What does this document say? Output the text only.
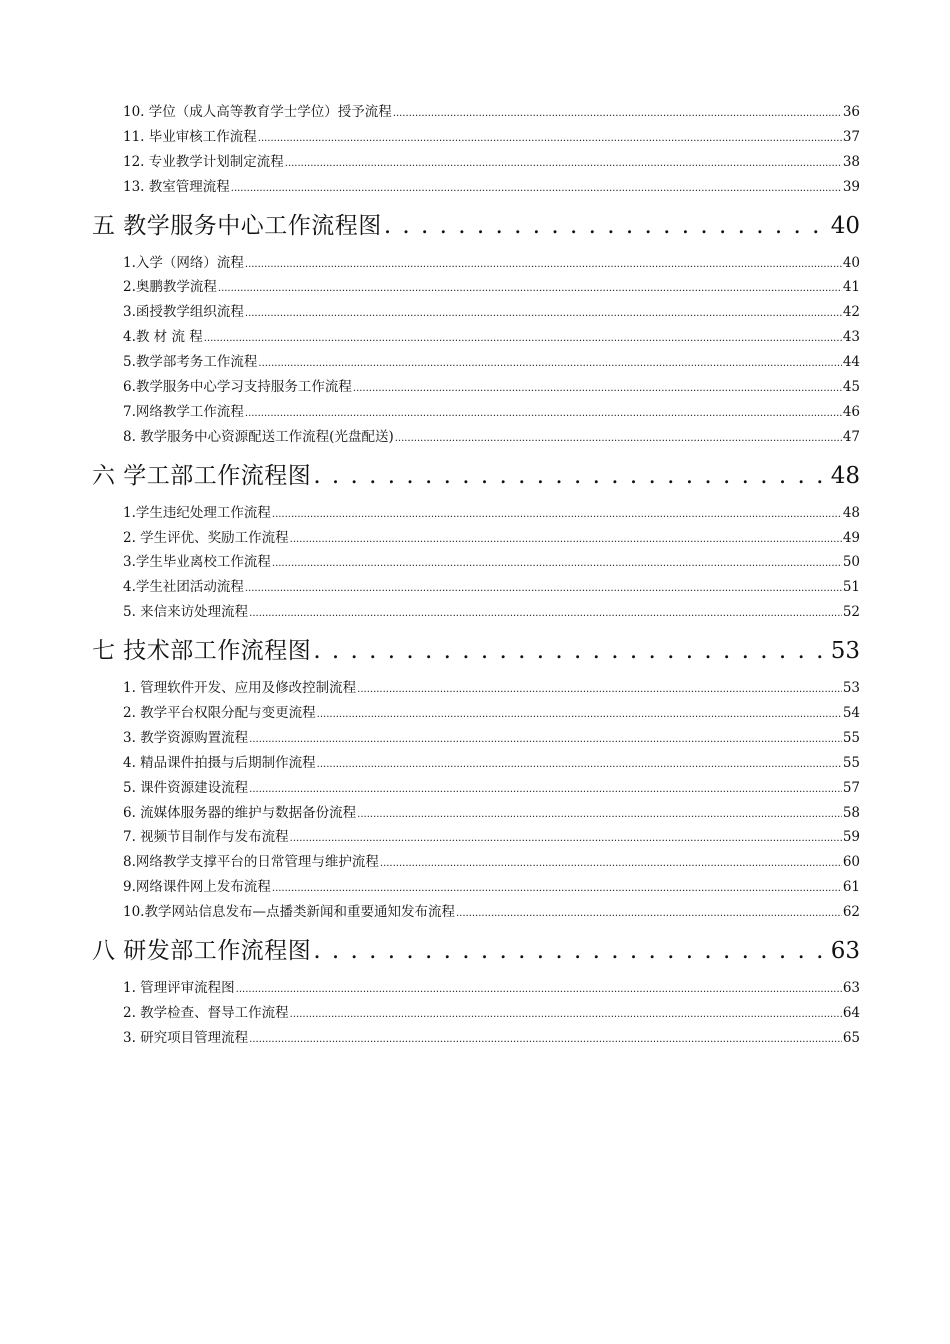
10. 学位（成人高等教育学士学位）授予流程 .....	36
11. 毕业审核工作流程 .....	37
12. 专业教学计划制定流程 .....	38
13. 教室管理流程 .....	39
五 教学服务中心工作流程图 . . .	40
1.入学（网络）流程 .....	40
2.奥鹏教学流程 .....	41
3.函授教学组织流程 .....	42
4.教 材 流 程 .....	43
5.教学部考务工作流程 .....	44
6.教学服务中心学习支持服务工作流程 .....	45
7.网络教学工作流程 .....	46
8. 教学服务中心资源配送工作流程(光盘配送) .....	47
六 学工部工作流程图 . . .	48
1.学生违纪处理工作流程 .....	48
2. 学生评优、奖励工作流程 .....	49
3.学生毕业离校工作流程 .....	50
4.学生社团活动流程 .....	51
5. 来信来访处理流程 .....	52
七 技术部工作流程图 . . .	53
1. 管理软件开发、应用及修改控制流程 .....	53
2. 教学平台权限分配与变更流程 .....	54
3. 教学资源购置流程 .....	55
4. 精品课件拍摄与后期制作流程 .....	55
5. 课件资源建设流程 .....	57
6. 流媒体服务器的维护与数据备份流程 .....	58
7. 视频节目制作与发布流程 .....	59
8.网络教学支撑平台的日常管理与维护流程 .....	60
9.网络课件网上发布流程 .....	61
10.教学网站信息发布—点播类新闻和重要通知发布流程 .....	62
八 研发部工作流程图 . . .	63
1. 管理评审流程图 .....	63
2. 教学检查、督导工作流程 .....	64
3. 研究项目管理流程 .....	65
